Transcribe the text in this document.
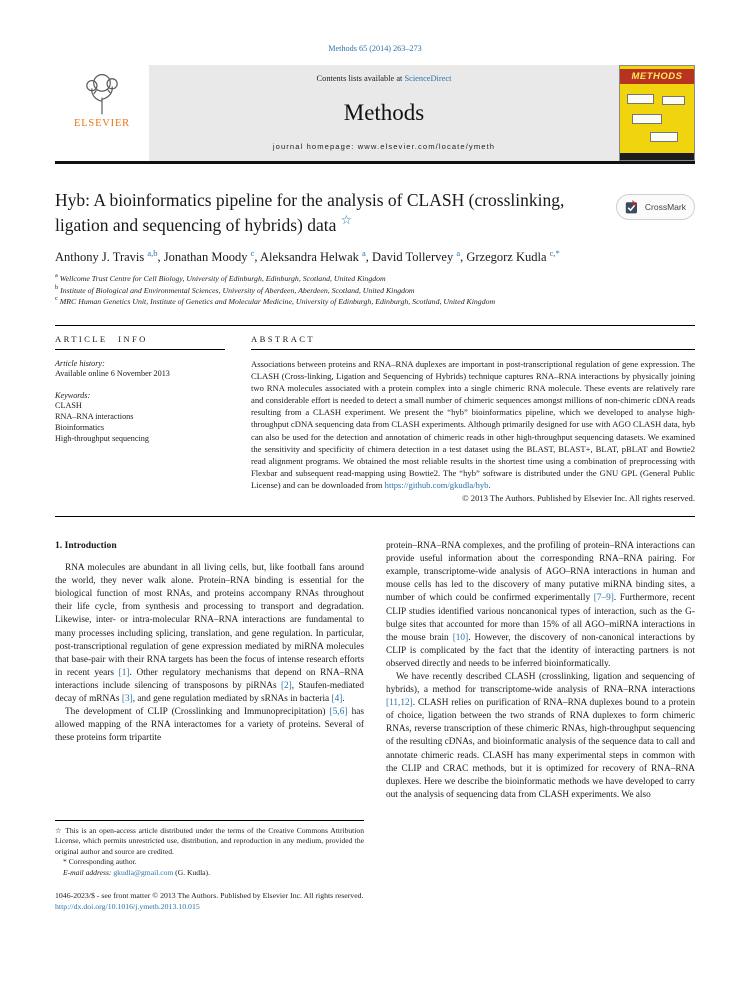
Methods 65 (2014) 263–273
ELSEVIER
Contents lists available at ScienceDirect
Methods
journal homepage: www.elsevier.com/locate/ymeth
METHODS
Hyb: A bioinformatics pipeline for the analysis of CLASH (crosslinking, ligation and sequencing of hybrids) data ☆
CrossMark

Anthony J. Travis $^{a,b}$, Jonathan Moody $^c$, Aleksandra Helwak $^a$, David Tollervey $^a$, Grzegorz Kudla $^{c,*}$

$^a$ Wellcome Trust Centre for Cell Biology, University of Edinburgh, Edinburgh, Scotland, United Kingdom
$^b$ Institute of Biological and Environmental Sciences, University of Aberdeen, Aberdeen, Scotland, United Kingdom
$^c$ MRC Human Genetics Unit, Institute of Genetics and Molecular Medicine, University of Edinburgh, Edinburgh, Scotland, United Kingdom
ARTICLE INFO
Article history:
Available online 6 November 2013
Keywords:
CLASH
RNA–RNA interactions
Bioinformatics
High-throughput sequencing
ABSTRACT

Associations between proteins and RNA–RNA duplexes are important in post-transcriptional regulation of gene expression. The CLASH (Cross-linking, Ligation and Sequencing of Hybrids) technique captures RNA–RNA interactions by physically joining two RNA molecules associated with a protein complex into a single chimeric RNA molecule. These events are relatively rare and considerable effort is needed to detect a small number of chimeric sequences amongst millions of non-chimeric cDNA reads resulting from a CLASH experiment. We present the “hyb” bioinformatics pipeline, which we developed to analyse high-throughput cDNA sequencing data from CLASH experiments. Although primarily designed for use with AGO CLASH data, hyb can also be used for the detection and annotation of chimeric reads in other high-throughput sequencing datasets. We examined the sensitivity and specificity of chimera detection in a test dataset using the BLAST, BLAST+, BLAT, pBLAT and Bowtie2 read alignment programs. We obtained the most reliable results in the shortest time using a combination of preprocessing with Flexbar and subsequent read-mapping using Bowtie2. The “hyb” software is distributed under the GNU GPL (General Public License) and can be downloaded from https://github.com/gkudla/hyb.

© 2013 The Authors. Published by Elsevier Inc. All rights reserved.
1. Introduction

RNA molecules are abundant in all living cells, but, like football fans around the world, they never walk alone. Protein–RNA binding is essential for the biological function of most RNAs, and proteins accompany RNAs throughout their life cycle, from synthesis and processing to transport and degradation. Likewise, inter- or intra-molecular RNA–RNA interactions are fundamental to many processes including splicing, translation, and gene regulation. In particular, post-transcriptional regulation of gene expression mediated by miRNA molecules that base-pair with their RNA targets has been the focus of intense research efforts in recent years [1]. Other regulatory mechanisms that depend on RNA–RNA interactions include silencing of transposons by piRNAs [2], Staufen-mediated decay of mRNAs [3], and gene regulation mediated by sRNAs in bacteria [4].

The development of CLIP (Crosslinking and Immunoprecipitation) [5,6] has allowed mapping of the RNA interactomes for a variety of proteins. Several of these proteins form tripartite

☆ This is an open-access article distributed under the terms of the Creative Commons Attribution License, which permits unrestricted use, distribution, and reproduction in any medium, provided the original author and source are credited.

* Corresponding author.

E-mail address: gkudla@gmail.com (G. Kudla).

protein–RNA–RNA complexes, and the profiling of protein–RNA interactions can provide useful information about the corresponding RNA–RNA pairing. For example, transcriptome-wide analysis of AGO–RNA interactions in human and mouse cells has led to the discovery of many putative miRNA binding sites, a number of which could be confirmed experimentally [7–9]. Furthermore, recent CLIP studies identified various noncanonical types of interaction, such as the G-bulge sites that accounted for more than 15% of all AGO–miRNA interactions in the mouse brain [10]. However, the discovery of non-canonical interactions by CLIP is complicated by the fact that the identity of interacting partners is not observed directly and needs to be inferred bioinformatically.

We have recently described CLASH (crosslinking, ligation and sequencing of hybrids), a method for transcriptome-wide analysis of RNA–RNA interactions [11,12]. CLASH relies on purification of RNA–RNA duplexes bound to a protein of choice, ligation between the two strands of RNA duplexes to form chimeric RNAs, reverse transcription of these chimeric RNAs, high-throughput sequencing of the resulting cDNAs, and bioinformatic analysis of the sequence data to call and annotate chimeric reads. CLASH has many experimental steps in common with the CLIP and CRAC methods, but it is optimized for recovery of RNA–RNA duplexes. Here we describe the bioinformatic methods we have developed to carry out the analysis of sequencing data from CLASH experiments. We also

1046-2023/$ - see front matter © 2013 The Authors. Published by Elsevier Inc. All rights reserved.
http://dx.doi.org/10.1016/j.ymeth.2013.10.015
